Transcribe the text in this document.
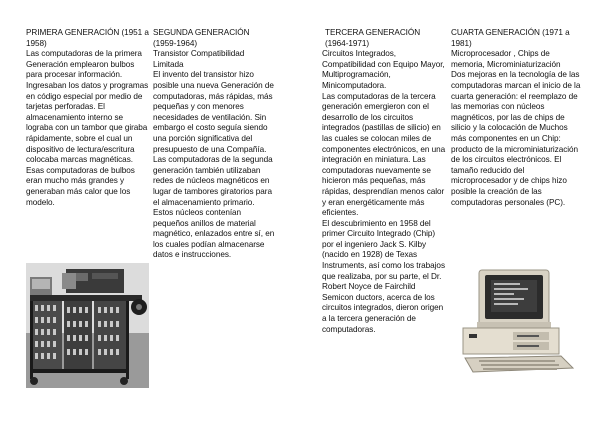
PRIMERA GENERACIÓN (1951 a 1958)

Las computadoras de la primera Generación emplearon bulbos para procesar información. Ingresaban los datos y programas en código especial por medio de tarjetas perforadas. El almacenamiento interno se lograba con un tambor que giraba rápidamente, sobre el cual un dispositivo de lectura/escritura colocaba marcas magnéticas. Esas computadoras de bulbos eran mucho más grandes y generaban más calor que los modelo.

SEGUNDA GENERACIÓN
(1959-1964)

Transistor Compatibilidad Limitada
El invento del transistor hizo posible una nueva Generación de computadoras, más rápidas, más pequeñas y con menores necesidades de ventilación. Sin embargo el costo seguía siendo una porción significativa del presupuesto de una Compañía. Las computadoras de la segunda generación también utilizaban redes de núcleos magnéticos en lugar de tambores giratorios para el almacenamiento primario. Estos núcleos contenían pequeños anillos de material magnético, enlazados entre sí, en los cuales podían almacenarse datos e instrucciones.

TERCERA GENERACIÓN
(1964-1971)

Circuitos Integrados, Compatibilidad con Equipo Mayor, Multiprogramación, Minicomputadora.
Las computadoras de la tercera generación emergieron con el desarrollo de los circuitos integrados (pastillas de silicio) en las cuales se colocan miles de componentes electrónicos, en una integración en miniatura. Las computadoras nuevamente se hicieron más pequeñas, más rápidas, desprendían menos calor y eran energéticamente más eficientes.

El descubrimiento en 1958 del primer Circuito Integrado (Chip) por el ingeniero Jack S. Kilby (nacido en 1928) de Texas Instruments, así como los trabajos que realizaba, por su parte, el Dr. Robert Noyce de Fairchild Semicon ductors, acerca de los circuitos integrados, dieron origen a la tercera generación de computadoras.

CUARTA GENERACIÓN (1971 a 1981)

Microprocesador , Chips de memoria, Microminiaturización
Dos mejoras en la tecnología de las computadoras marcan el inicio de la cuarta generación: el reemplazo de las memorias con núcleos magnéticos, por las de chips de silicio y la colocación de Muchos más componentes en un Chip: producto de la microminiaturización de los circuitos electrónicos. El tamaño reducido del microprocesador y de chips hizo posible la creación de las computadoras personales (PC).
